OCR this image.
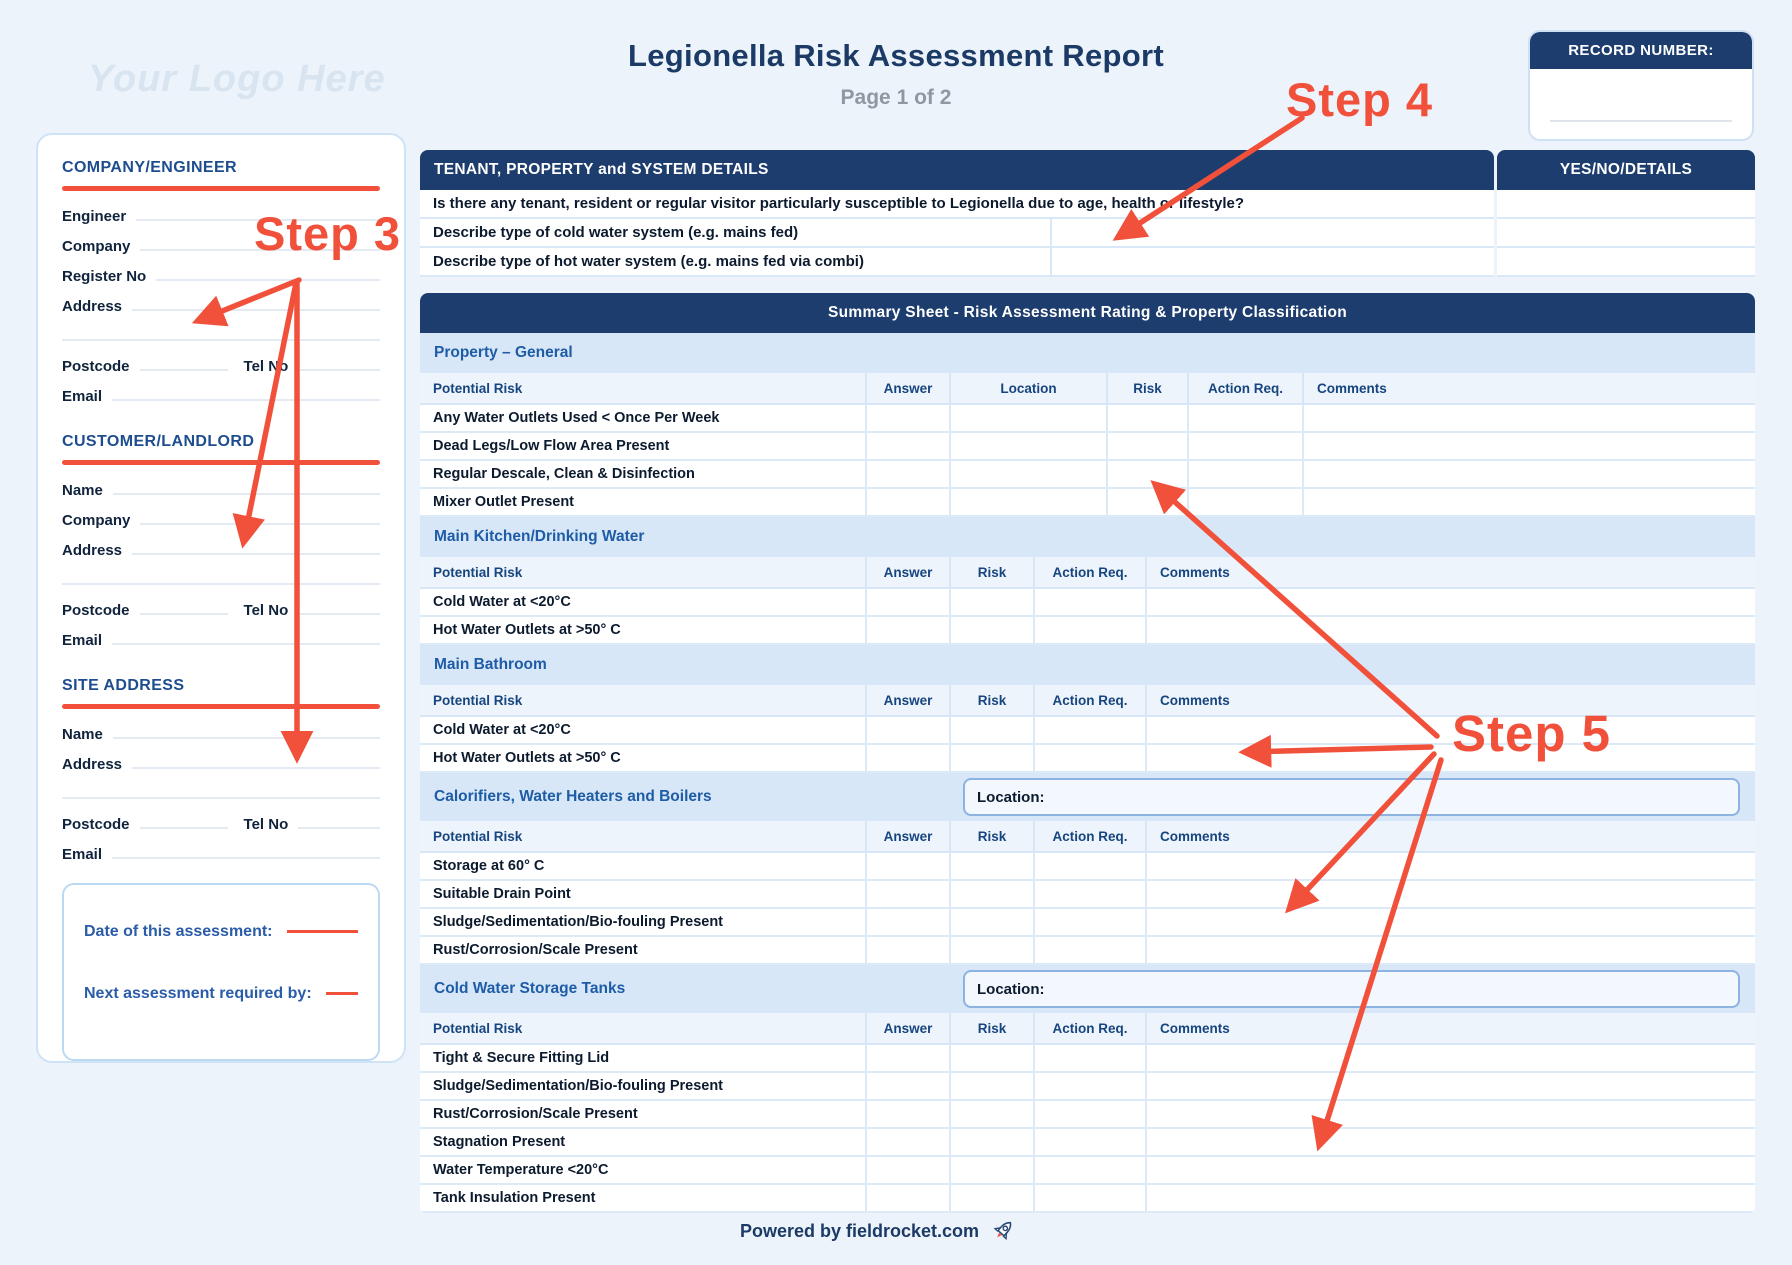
Your Logo Here
Legionella Risk Assessment Report
Page 1 of 2
RECORD NUMBER:
COMPANY/ENGINEER
Engineer
Company
Register No
Address
Postcode	Tel No
Email
CUSTOMER/LANDLORD
Name
Company
Address
Postcode	Tel No
Email
SITE ADDRESS
Name
Address
Postcode	Tel No
Email
Date of this assessment:
Next assessment required by:
TENANT, PROPERTY and SYSTEM DETAILS	YES/NO/DETAILS
Is there any tenant, resident or regular visitor particularly susceptible to Legionella due to age, health or lifestyle?
Describe type of cold water system (e.g. mains fed)
Describe type of hot water system (e.g. mains fed via combi)
Summary Sheet - Risk Assessment Rating & Property Classification
Property – General
Potential Risk	Answer	Location	Risk	Action Req.	Comments
Any Water Outlets Used < Once Per Week
Dead Legs/Low Flow Area Present
Regular Descale, Clean & Disinfection
Mixer Outlet Present
Main Kitchen/Drinking Water
Potential Risk	Answer	Risk	Action Req.	Comments
Cold Water at <20°C
Hot Water Outlets at >50° C
Main Bathroom
Potential Risk	Answer	Risk	Action Req.	Comments
Cold Water at <20°C
Hot Water Outlets at >50° C
Calorifiers, Water Heaters and Boilers	Location:
Potential Risk	Answer	Risk	Action Req.	Comments
Storage at 60° C
Suitable Drain Point
Sludge/Sedimentation/Bio-fouling Present
Rust/Corrosion/Scale Present
Cold Water Storage Tanks	Location:
Potential Risk	Answer	Risk	Action Req.	Comments
Tight & Secure Fitting Lid
Sludge/Sedimentation/Bio-fouling Present
Rust/Corrosion/Scale Present
Stagnation Present
Water Temperature <20°C
Tank Insulation Present
Powered by fieldrocket.com
Step 3
Step 4
Step 5
